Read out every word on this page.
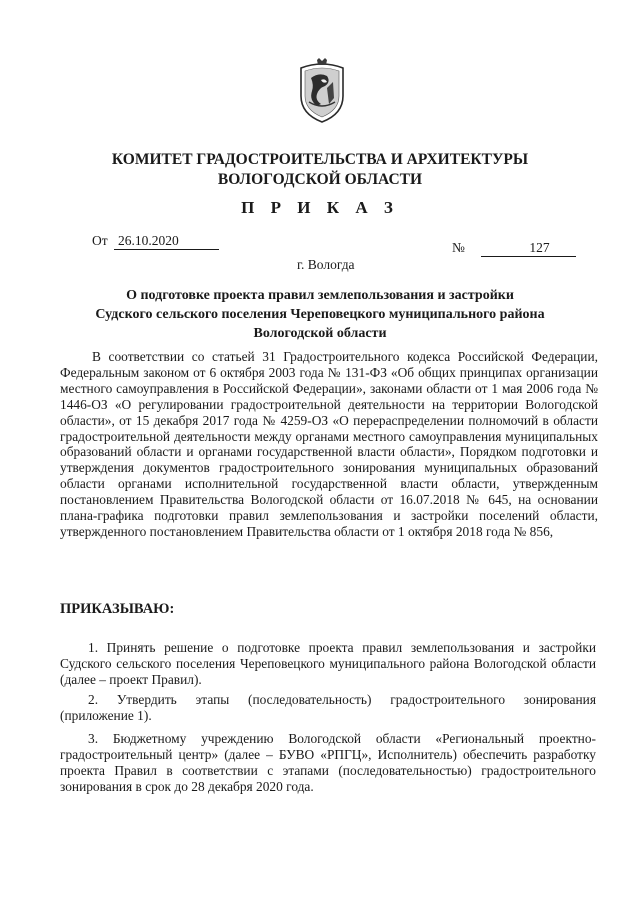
КОМИТЕТ ГРАДОСТРОИТЕЛЬСТВА И АРХИТЕКТУРЫ
ВОЛОГОДСКОЙ ОБЛАСТИ
П Р И К А З
От 26.10.2020	№	127
г. Вологда
О подготовке проекта правил землепользования и застройки
Судского сельского поселения Череповецкого муниципального района
Вологодской области
В соответствии со статьей 31 Градостроительного кодекса Российской Федерации, Федеральным законом от 6 октября 2003 года № 131-ФЗ «Об общих принципах организации местного самоуправления в Российской Федерации», законами области от 1 мая 2006 года № 1446-ОЗ «О регулировании градостроительной деятельности на территории Вологодской области», от 15 декабря 2017 года № 4259-ОЗ «О перераспределении полномочий в области градостроительной деятельности между органами местного самоуправления муниципальных образований области и органами государственной власти области», Порядком подготовки и утверждения документов градостроительного зонирования муниципальных образований области органами исполнительной государственной власти области, утвержденным постановлением Правительства Вологодской области от 16.07.2018 № 645, на основании плана-графика подготовки правил землепользования и застройки поселений области, утвержденного постановлением Правительства области от 1 октября 2018 года № 856,
ПРИКАЗЫВАЮ:
1. Принять решение о подготовке проекта правил землепользования и застройки Судского сельского поселения Череповецкого муниципального района Вологодской области (далее – проект Правил).
2. Утвердить этапы (последовательность) градостроительного зонирования (приложение 1).
3. Бюджетному учреждению Вологодской области «Региональный проектно-градостроительный центр» (далее – БУВО «РПГЦ», Исполнитель) обеспечить разработку проекта Правил в соответствии с этапами (последовательностью) градостроительного зонирования в срок до 28 декабря 2020 года.
